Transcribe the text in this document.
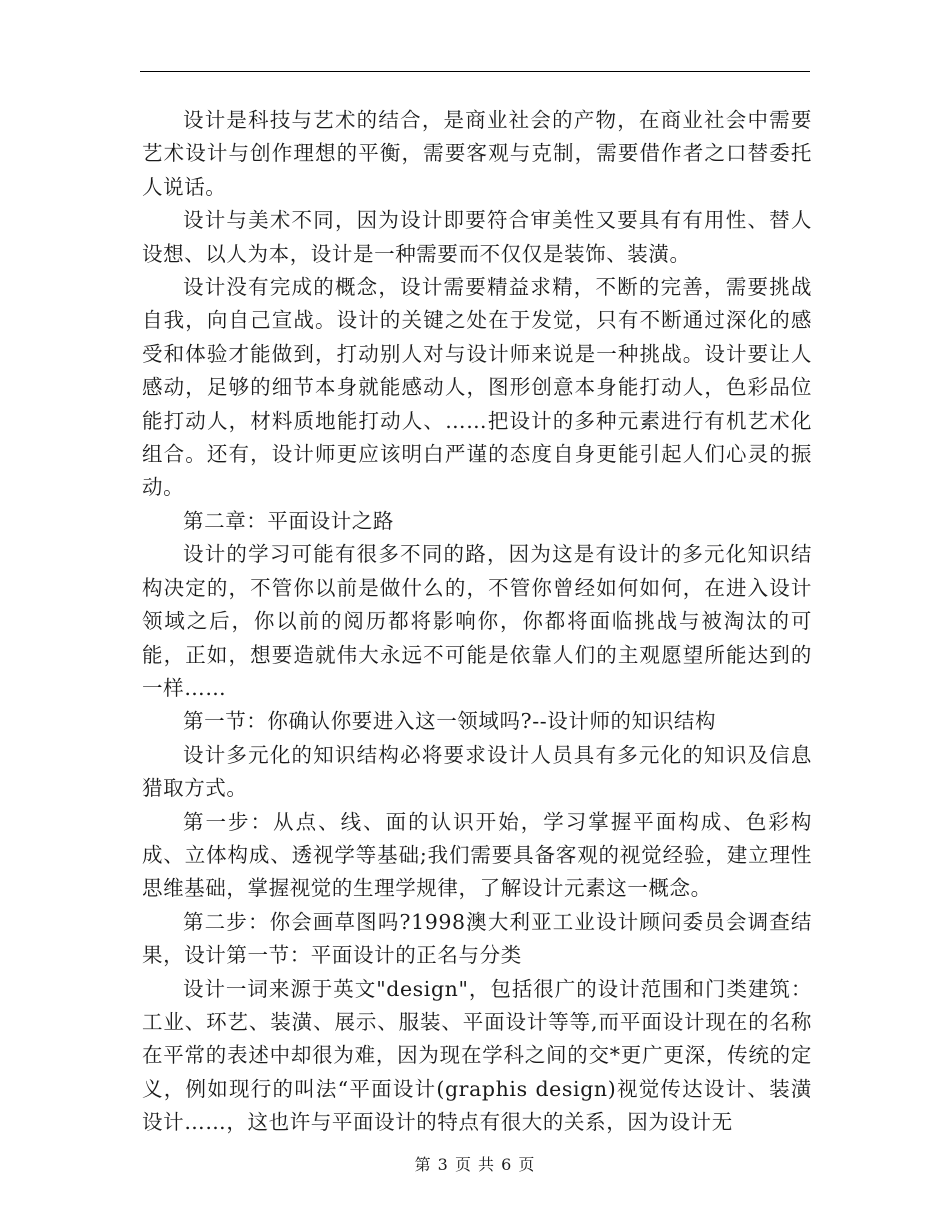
设计是科技与艺术的结合，是商业社会的产物，在商业社会中需要艺术设计与创作理想的平衡，需要客观与克制，需要借作者之口替委托人说话。

设计与美术不同，因为设计即要符合审美性又要具有有用性、替人设想、以人为本，设计是一种需要而不仅仅是装饰、装潢。

设计没有完成的概念，设计需要精益求精，不断的完善，需要挑战自我，向自己宣战。设计的关键之处在于发觉，只有不断通过深化的感受和体验才能做到，打动别人对与设计师来说是一种挑战。设计要让人感动，足够的细节本身就能感动人，图形创意本身能打动人，色彩品位能打动人，材料质地能打动人、……把设计的多种元素进行有机艺术化组合。还有，设计师更应该明白严谨的态度自身更能引起人们心灵的振动。

第二章：平面设计之路

设计的学习可能有很多不同的路，因为这是有设计的多元化知识结构决定的，不管你以前是做什么的，不管你曾经如何如何，在进入设计领域之后，你以前的阅历都将影响你，你都将面临挑战与被淘汰的可能，正如，想要造就伟大永远不可能是依靠人们的主观愿望所能达到的一样……

第一节：你确认你要进入这一领域吗?--设计师的知识结构

设计多元化的知识结构必将要求设计人员具有多元化的知识及信息猎取方式。

第一步：从点、线、面的认识开始，学习掌握平面构成、色彩构成、立体构成、透视学等基础;我们需要具备客观的视觉经验，建立理性思维基础，掌握视觉的生理学规律，了解设计元素这一概念。

第二步：你会画草图吗?1998澳大利亚工业设计顾问委员会调查结果，设计第一节：平面设计的正名与分类

设计一词来源于英文"design"，包括很广的设计范围和门类建筑：工业、环艺、装潢、展示、服装、平面设计等等,而平面设计现在的名称在平常的表述中却很为难，因为现在学科之间的交*更广更深，传统的定义，例如现行的叫法“平面设计(graphis design)视觉传达设计、装潢设计……，这也许与平面设计的特点有很大的关系，因为设计无

第 3 页 共 6 页
